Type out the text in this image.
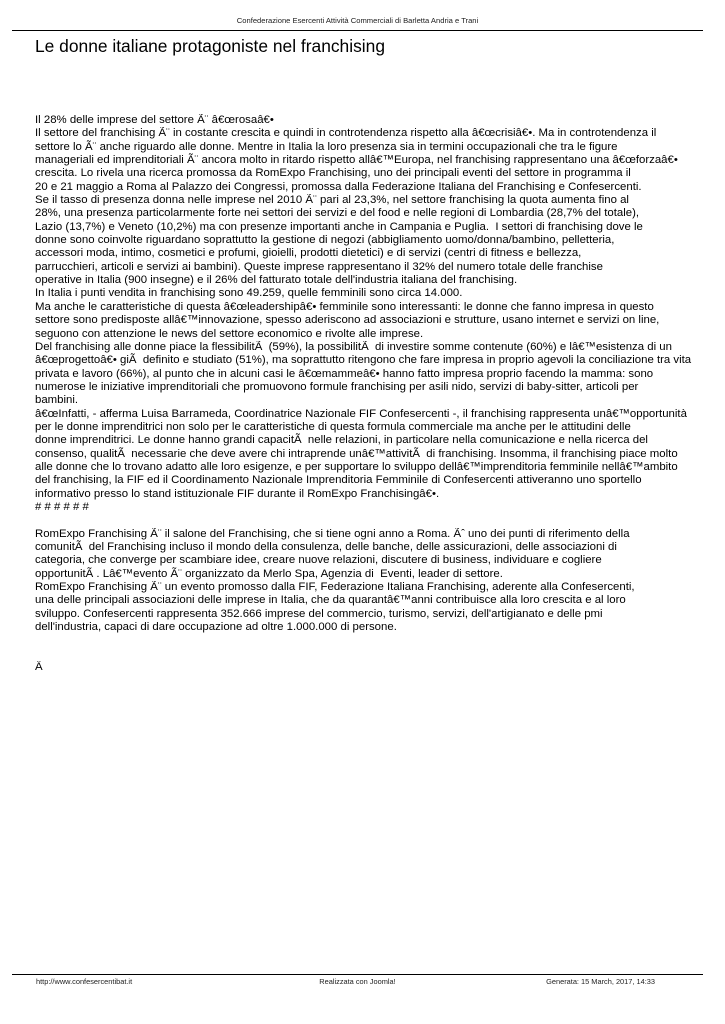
Confederazione Esercenti Attività Commerciali di Barletta Andria e Trani
Le donne italiane protagoniste nel franchising
Il 28% delle imprese del settore Ã¨ â€œrosaâ€•
Il settore del franchising Ã¨ in costante crescita e quindi in controtendenza rispetto alla â€œcrisiâ€•. Ma in controtendenza il
settore lo Ã¨ anche riguardo alle donne. Mentre in Italia la loro presenza sia in termini occupazionali che tra le figure
manageriali ed imprenditoriali Ã¨ ancora molto in ritardo rispetto allâ€™Europa, nel franchising rappresentano una â€œforzaâ€•
crescita. Lo rivela una ricerca promossa da RomExpo Franchising, uno dei principali eventi del settore in programma il
20 e 21 maggio a Roma al Palazzo dei Congressi, promossa dalla Federazione Italiana del Franchising e Confesercenti.
Se il tasso di presenza donna nelle imprese nel 2010 Ã¨ pari al 23,3%, nel settore franchising la quota aumenta fino al
28%, una presenza particolarmente forte nei settori dei servizi e del food e nelle regioni di Lombardia (28,7% del totale),
Lazio (13,7%) e Veneto (10,2%) ma con presenze importanti anche in Campania e Puglia.  I settori di franchising dove le
donne sono coinvolte riguardano soprattutto la gestione di negozi (abbigliamento uomo/donna/bambino, pelletteria,
accessori moda, intimo, cosmetici e profumi, gioielli, prodotti dietetici) e di servizi (centri di fitness e bellezza,
parrucchieri, articoli e servizi ai bambini). Queste imprese rappresentano il 32% del numero totale delle franchise
operative in Italia (900 insegne) e il 26% del fatturato totale dell'industria italiana del franchising.
In Italia i punti vendita in franchising sono 49.259, quelle femminili sono circa 14.000.
Ma anche le caratteristiche di questa â€œleadershipâ€• femminile sono interessanti: le donne che fanno impresa in questo
settore sono predisposte allâ€™innovazione, spesso aderiscono ad associazioni e strutture, usano internet e servizi on line,
seguono con attenzione le news del settore economico e rivolte alle imprese.
Del franchising alle donne piace la flessibilitÃ  (59%), la possibilitÃ  di investire somme contenute (60%) e lâ€™esistenza di un
â€œprogettoâ€• giÃ  definito e studiato (51%), ma soprattutto ritengono che fare impresa in proprio agevoli la conciliazione tra vita
privata e lavoro (66%), al punto che in alcuni casi le â€œmammeâ€• hanno fatto impresa proprio facendo la mamma: sono
numerose le iniziative imprenditoriali che promuovono formule franchising per asili nido, servizi di baby-sitter, articoli per
bambini.
â€œInfatti, - afferma Luisa Barrameda, Coordinatrice Nazionale FIF Confesercenti -, il franchising rappresenta unâ€™opportunità
per le donne imprenditrici non solo per le caratteristiche di questa formula commerciale ma anche per le attitudini delle
donne imprenditrici. Le donne hanno grandi capacitÃ  nelle relazioni, in particolare nella comunicazione e nella ricerca del
consenso, qualitÃ  necessarie che deve avere chi intraprende unâ€™attivitÃ  di franchising. Insomma, il franchising piace molto
alle donne che lo trovano adatto alle loro esigenze, e per supportare lo sviluppo dellâ€™imprenditoria femminile nellâ€™ambito
del franchising, la FIF ed il Coordinamento Nazionale Imprenditoria Femminile di Confesercenti attiveranno uno sportello
informativo presso lo stand istituzionale FIF durante il RomExpo Franchisingâ€•.
# # # # # #
RomExpo Franchising Ã¨ il salone del Franchising, che si tiene ogni anno a Roma. Ãˆ uno dei punti di riferimento della
comunitÃ  del Franchising incluso il mondo della consulenza, delle banche, delle assicurazioni, delle associazioni di
categoria, che converge per scambiare idee, creare nuove relazioni, discutere di business, individuare e cogliere
opportunitÃ . Lâ€™evento Ã¨ organizzato da Merlo Spa, Agenzia di  Eventi, leader di settore.
RomExpo Franchising Ã¨ un evento promosso dalla FIF, Federazione Italiana Franchising, aderente alla Confesercenti,
una delle principali associazioni delle imprese in Italia, che da quarantâ€™anni contribuisce alla loro crescita e al loro
sviluppo. Confesercenti rappresenta 352.666 imprese del commercio, turismo, servizi, dell'artigianato e delle pmi
dell'industria, capaci di dare occupazione ad oltre 1.000.000 di persone.
Â
http://www.confesercentibat.it	Realizzata con Joomla!	Generata: 15 March, 2017, 14:33
